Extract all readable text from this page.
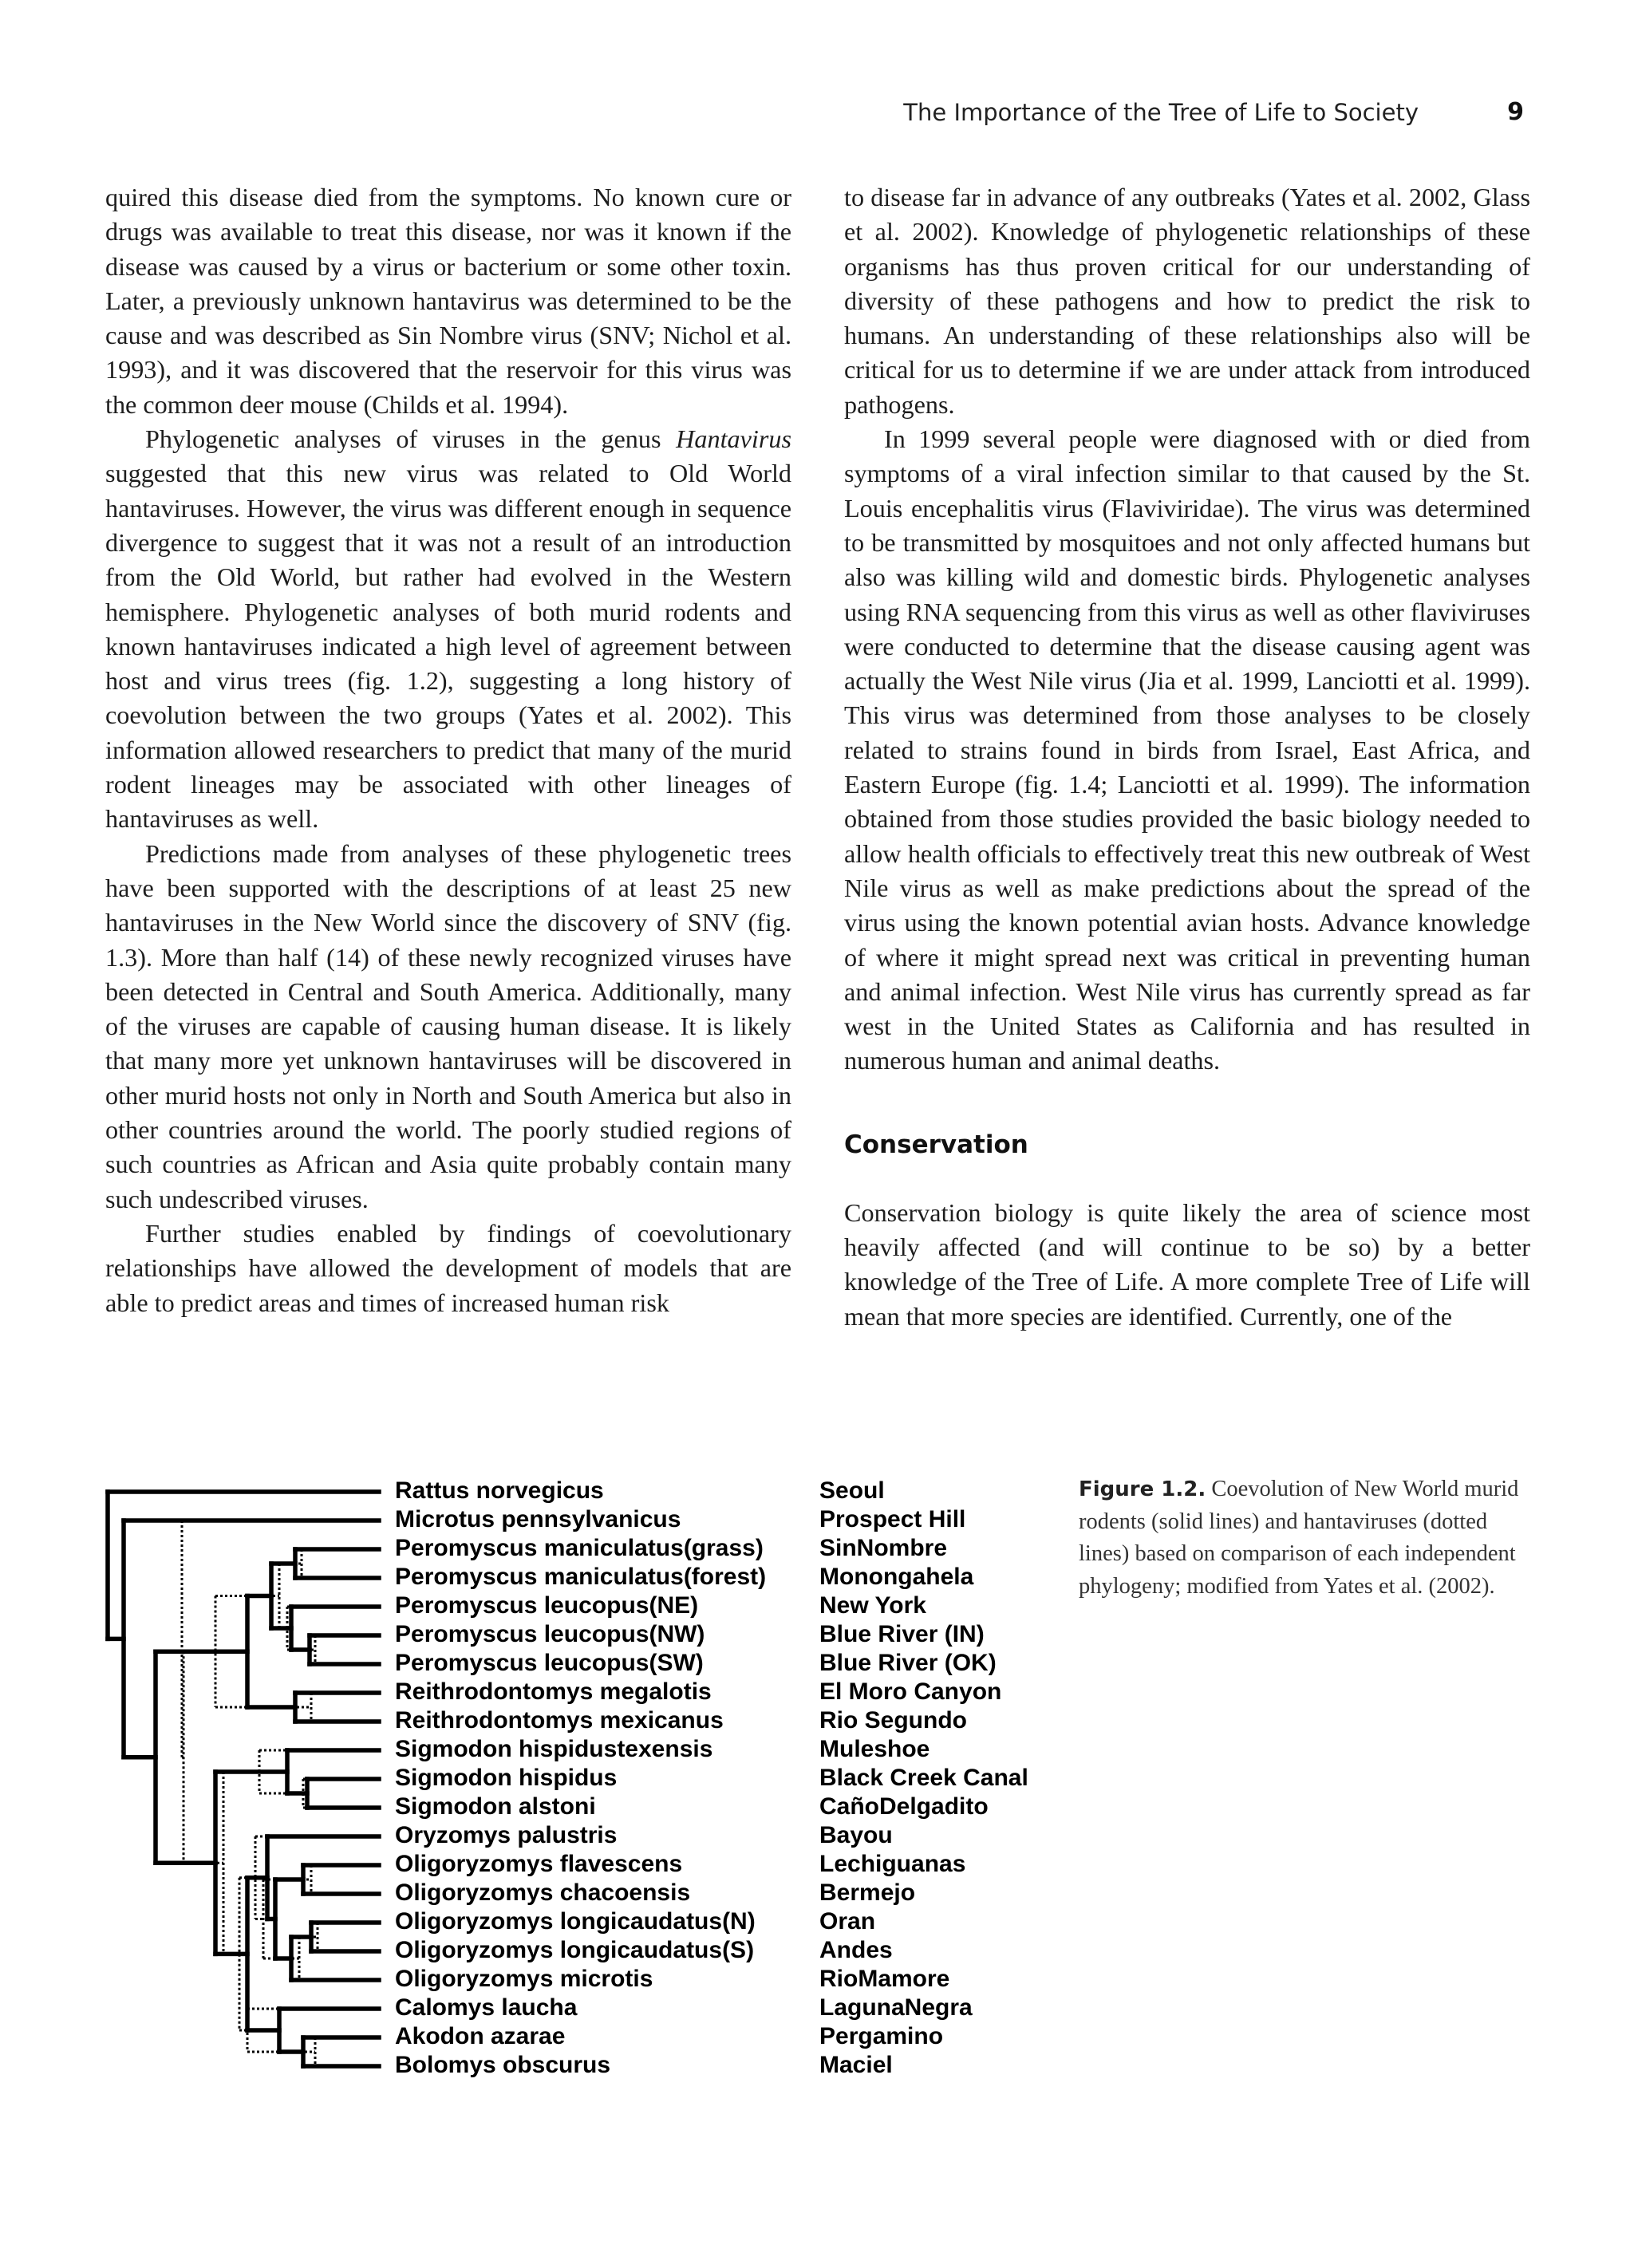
The Importance of the Tree of Life to Society	9

quired this disease died from the symptoms. No known cure or drugs was available to treat this disease, nor was it known if the disease was caused by a virus or bacterium or some other toxin. Later, a previously unknown hantavirus was determined to be the cause and was described as Sin Nombre virus (SNV; Nichol et al. 1993), and it was discovered that the reservoir for this virus was the common deer mouse (Childs et al. 1994).

Phylogenetic analyses of viruses in the genus Hantavirus suggested that this new virus was related to Old World hantaviruses. However, the virus was different enough in sequence divergence to suggest that it was not a result of an introduction from the Old World, but rather had evolved in the Western hemisphere. Phylogenetic analyses of both murid rodents and known hantaviruses indicated a high level of agreement between host and virus trees (fig. 1.2), suggesting a long history of coevolution between the two groups (Yates et al. 2002). This information allowed researchers to predict that many of the murid rodent lineages may be associated with other lineages of hantaviruses as well.

Predictions made from analyses of these phylogenetic trees have been supported with the descriptions of at least 25 new hantaviruses in the New World since the discovery of SNV (fig. 1.3). More than half (14) of these newly recognized viruses have been detected in Central and South America. Additionally, many of the viruses are capable of causing human disease. It is likely that many more yet unknown hantaviruses will be discovered in other murid hosts not only in North and South America but also in other countries around the world. The poorly studied regions of such countries as African and Asia quite probably contain many such undescribed viruses.

Further studies enabled by findings of coevolutionary relationships have allowed the development of models that are able to predict areas and times of increased human risk

to disease far in advance of any outbreaks (Yates et al. 2002, Glass et al. 2002). Knowledge of phylogenetic relationships of these organisms has thus proven critical for our understanding of diversity of these pathogens and how to predict the risk to humans. An understanding of these relationships also will be critical for us to determine if we are under attack from introduced pathogens.

In 1999 several people were diagnosed with or died from symptoms of a viral infection similar to that caused by the St. Louis encephalitis virus (Flaviviridae). The virus was determined to be transmitted by mosquitoes and not only affected humans but also was killing wild and domestic birds. Phylogenetic analyses using RNA sequencing from this virus as well as other flaviviruses were conducted to determine that the disease causing agent was actually the West Nile virus (Jia et al. 1999, Lanciotti et al. 1999). This virus was determined from those analyses to be closely related to strains found in birds from Israel, East Africa, and Eastern Europe (fig. 1.4; Lanciotti et al. 1999). The information obtained from those studies provided the basic biology needed to allow health officials to effectively treat this new outbreak of West Nile virus as well as make predictions about the spread of the virus using the known potential avian hosts. Advance knowledge of where it might spread next was critical in preventing human and animal infection. West Nile virus has currently spread as far west in the United States as California and has resulted in numerous human and animal deaths.

Conservation

Conservation biology is quite likely the area of science most heavily affected (and will continue to be so) by a better knowledge of the Tree of Life. A more complete Tree of Life will mean that more species are identified. Currently, one of the

Rattus norvegicus
Microtus pennsylvanicus
Peromyscus maniculatus(grass)
Peromyscus maniculatus(forest)
Peromyscus leucopus(NE)
Peromyscus leucopus(NW)
Peromyscus leucopus(SW)
Reithrodontomys megalotis
Reithrodontomys mexicanus
Sigmodon hispidustexensis
Sigmodon hispidus
Sigmodon alstoni
Oryzomys palustris
Oligoryzomys flavescens
Oligoryzomys chacoensis
Oligoryzomys longicaudatus(N)
Oligoryzomys longicaudatus(S)
Oligoryzomys microtis
Calomys laucha
Akodon azarae
Bolomys obscurus
Seoul
Prospect Hill
SinNombre
Monongahela
New York
Blue River (IN)
Blue River (OK)
El Moro Canyon
Rio Segundo
Muleshoe
Black Creek Canal
CañoDelgadito
Bayou
Lechiguanas
Bermejo
Oran
Andes
RioMamore
LagunaNegra
Pergamino
Maciel
Figure 1.2. Coevolution of New World murid rodents (solid lines) and hantaviruses (dotted lines) based on comparison of each independent phylogeny; modified from Yates et al. (2002).
